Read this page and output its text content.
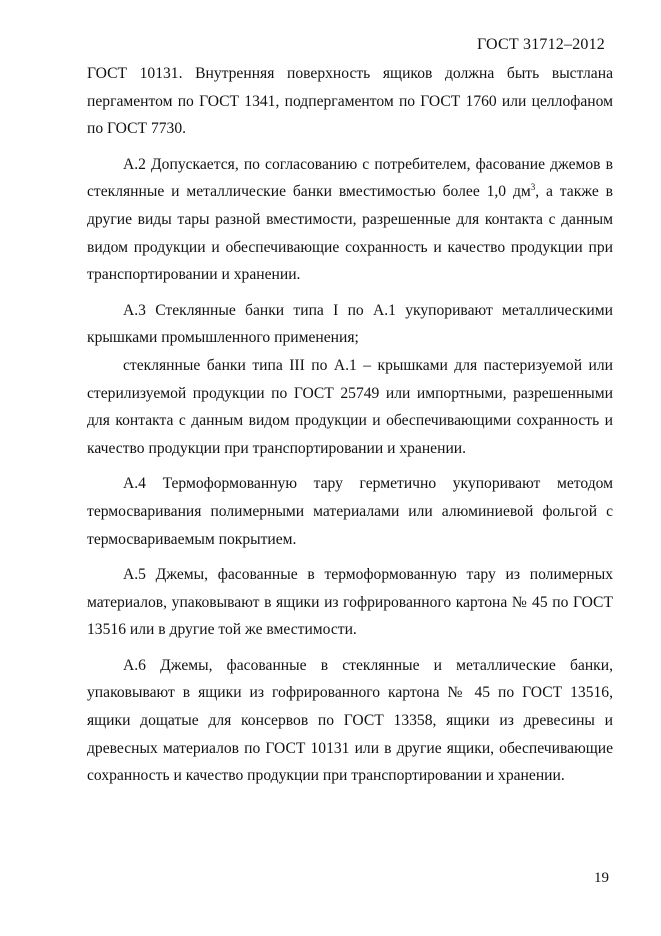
ГОСТ 31712–2012

ГОСТ 10131. Внутренняя поверхность ящиков должна быть выстлана пергаментом по ГОСТ 1341, подпергаментом по ГОСТ 1760 или целлофаном по ГОСТ 7730.

А.2 Допускается, по согласованию с потребителем, фасование джемов в стеклянные и металлические банки вместимостью более 1,0 $дм^3$, а также в другие виды тары разной вместимости, разрешенные для контакта с данным видом продукции и обеспечивающие сохранность и качество продукции при транспортировании и хранении.

А.3 Стеклянные банки типа I по А.1 укупоривают металлическими крышками промышленного применения;

стеклянные банки типа III по А.1 – крышками для пастеризуемой или стерилизуемой продукции по ГОСТ 25749 или импортными, разрешенными для контакта с данным видом продукции и обеспечивающими сохранность и качество продукции при транспортировании и хранении.

А.4 Термоформованную тару герметично укупоривают методом термосваривания полимерными материалами или алюминиевой фольгой с термосвариваемым покрытием.

А.5 Джемы, фасованные в термоформованную тару из полимерных материалов, упаковывают в ящики из гофрированного картона № 45 по ГОСТ 13516 или в другие той же вместимости.

А.6 Джемы, фасованные в стеклянные и металлические банки, упаковывают в ящики из гофрированного картона № 45 по ГОСТ 13516, ящики дощатые для консервов по ГОСТ 13358, ящики из древесины и древесных материалов по ГОСТ 10131 или в другие ящики, обеспечивающие сохранность и качество продукции при транспортировании и хранении.

19
